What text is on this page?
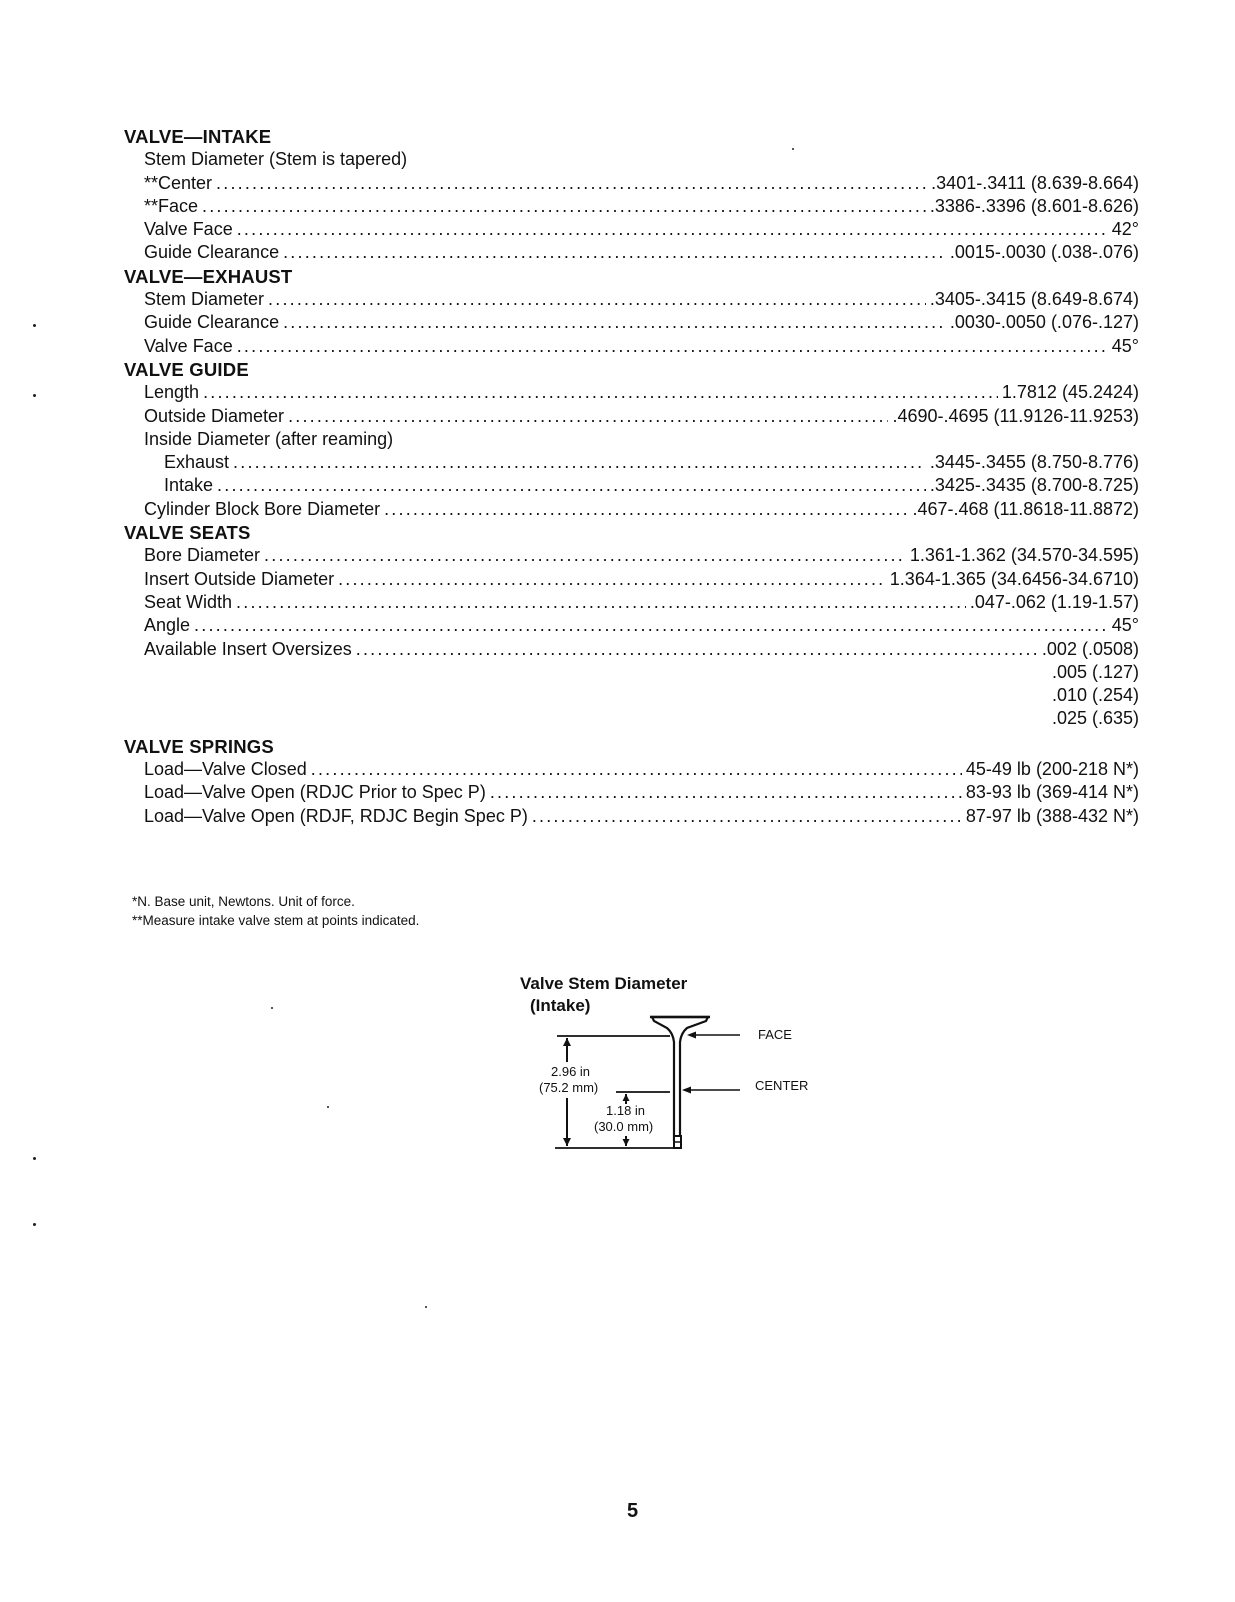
VALVE—INTAKE
Stem Diameter (Stem is tapered)
**Center .....	.3401-.3411 (8.639-8.664)
**Face .....	.3386-.3396 (8.601-8.626)
Valve Face .....	42°
Guide Clearance .....	.0015-.0030 (.038-.076)
VALVE—EXHAUST
Stem Diameter .....	.3405-.3415 (8.649-8.674)
Guide Clearance .....	.0030-.0050 (.076-.127)
Valve Face .....	45°
VALVE GUIDE
Length .....	1.7812 (45.2424)
Outside Diameter .....	.4690-.4695 (11.9126-11.9253)
Inside Diameter (after reaming)
Exhaust .....	.3445-.3455 (8.750-8.776)
Intake .....	.3425-.3435 (8.700-8.725)
Cylinder Block Bore Diameter .....	.467-.468 (11.8618-11.8872)
VALVE SEATS
Bore Diameter .....	1.361-1.362 (34.570-34.595)
Insert Outside Diameter .....	1.364-1.365 (34.6456-34.6710)
Seat Width .....	.047-.062 (1.19-1.57)
Angle .....	45°
Available Insert Oversizes .....	.002 (.0508)
.005 (.127)
.010 (.254)
.025 (.635)
VALVE SPRINGS
Load—Valve Closed .....	45-49 lb (200-218 N*)
Load—Valve Open (RDJC Prior to Spec P) .....	83-93 lb (369-414 N*)
Load—Valve Open (RDJF, RDJC Begin Spec P) .....	87-97 lb (388-432 N*)
*N. Base unit, Newtons. Unit of force.
**Measure intake valve stem at points indicated.
Valve Stem Diameter
(Intake)
FACE
CENTER
2.96 in
(75.2 mm)
1.18 in
(30.0 mm)
5
